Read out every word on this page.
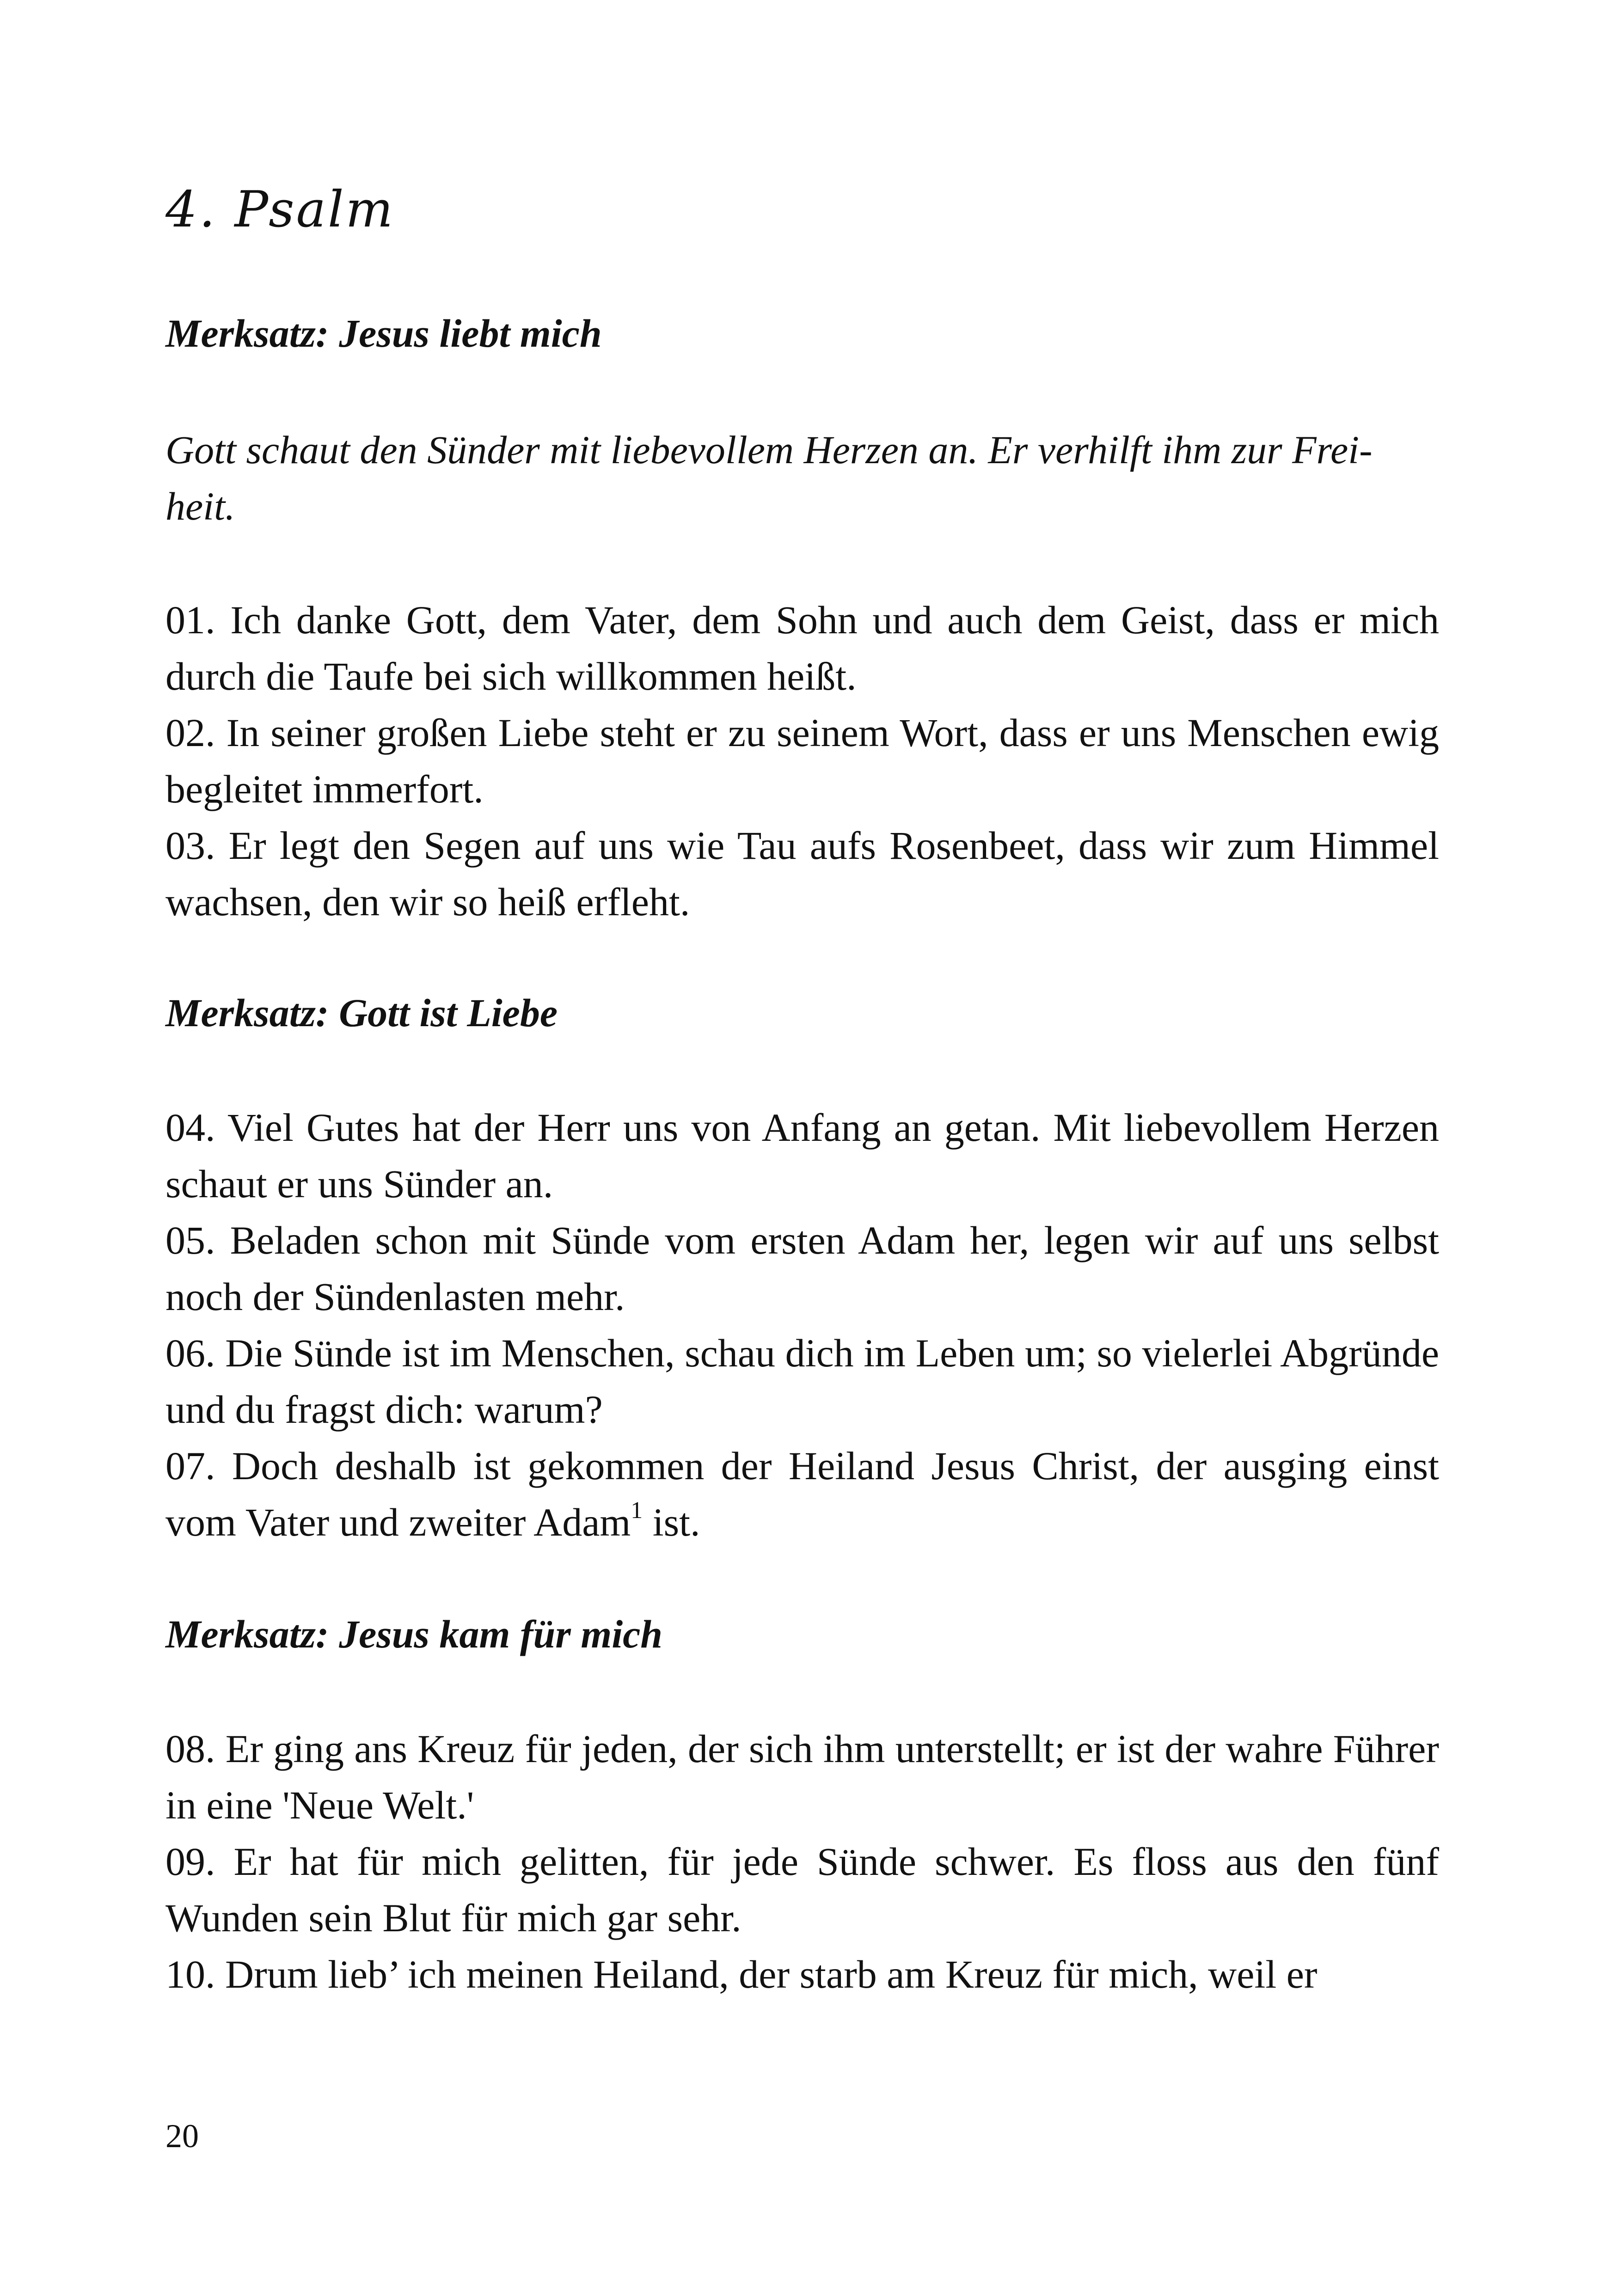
4. Psalm

Merksatz: Jesus liebt mich

Gott schaut den Sünder mit liebevollem Herzen an. Er verhilft ihm zur Frei-
heit.

01. Ich danke Gott, dem Vater, dem Sohn und auch dem Geist, dass er mich durch die Taufe bei sich willkommen heißt.

02. In seiner großen Liebe steht er zu seinem Wort, dass er uns Menschen ewig begleitet immerfort.

03. Er legt den Segen auf uns wie Tau aufs Rosenbeet, dass wir zum Himmel wachsen, den wir so heiß erfleht.

Merksatz: Gott ist Liebe

04. Viel Gutes hat der Herr uns von Anfang an getan. Mit liebevollem Herzen schaut er uns Sünder an.

05. Beladen schon mit Sünde vom ersten Adam her, legen wir auf uns selbst noch der Sündenlasten mehr.

06. Die Sünde ist im Menschen, schau dich im Leben um; so vielerlei Abgründe und du fragst dich: warum?

07. Doch deshalb ist gekommen der Heiland Jesus Christ, der ausging einst vom Vater und zweiter Adam$^1$ ist.

Merksatz: Jesus kam für mich

08. Er ging ans Kreuz für jeden, der sich ihm unterstellt; er ist der wahre Führer in eine 'Neue Welt.'

09. Er hat für mich gelitten, für jede Sünde schwer. Es floss aus den fünf Wunden sein Blut für mich gar sehr.

10. Drum lieb’ ich meinen Heiland, der starb am Kreuz für mich, weil er

20
